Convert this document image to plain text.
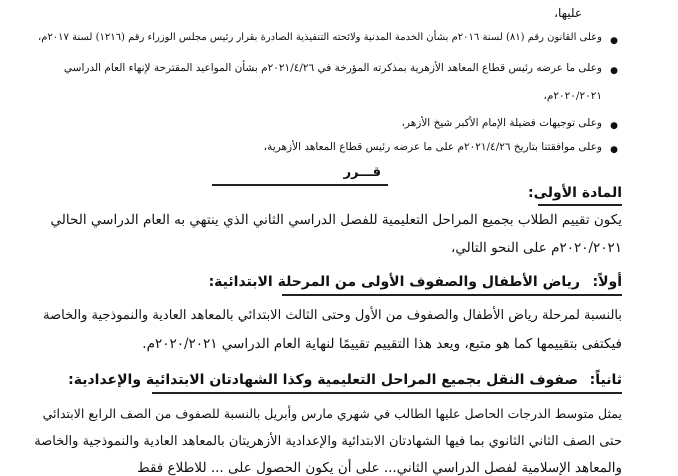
عليها،
●
وعلى القانون رقم (٨١) لسنة ٢٠١٦م بشأن الخدمة المدنية ولائحته التنفيذية الصادرة بقرار رئيس مجلس الوزراء رقم (١٢١٦) لسنة ٢٠١٧م،
●
وعلى ما عرضه رئيس قطاع المعاهد الأزهرية بمذكرته المؤرخة في ٢٠٢١/٤/٢٦م بشأن المواعيد المقترحة لإنهاء العام الدراسي
٢٠٢٠/٢٠٢١م،
●
وعلى توجيهات فضيلة الإمام الأكبر شيخ الأزهر،
●
وعلى موافقتنا بتاريخ ٢٠٢١/٤/٢٦م على ما عرضه رئيس قطاع المعاهد الأزهرية،
قـــرر
المادة الأولى:
يكون تقييم الطلاب بجميع المراحل التعليمية للفصل الدراسي الثاني الذي ينتهي به العام الدراسي الحالي
٢٠٢٠/٢٠٢١م على النحو التالي،
أولاً:
رياض الأطفال والصفوف الأولى من المرحلة الابتدائية:
بالنسبة لمرحلة رياض الأطفال والصفوف من الأول وحتى الثالث الابتدائي بالمعاهد العادية والنموذجية والخاصة
فيكتفى بتقييمها كما هو متبع، ويعد هذا التقييم تقييمًا لنهاية العام الدراسي ٢٠٢٠/٢٠٢١م.
ثانياً:
صفوف النقل بجميع المراحل التعليمية وكذا الشهادتان الابتدائية والإعدادية:
يمثل متوسط الدرجات الحاصل عليها الطالب في شهري مارس وأبريل بالنسبة للصفوف من الصف الرابع الابتدائي
حتى الصف الثاني الثانوي بما فيها الشهادتان الابتدائية والإعدادية الأزهريتان بالمعاهد العادية والنموذجية والخاصة
والمعاهد الإسلامية لفصل الدراسي الثاني... على أن يكون الحصول على ... للاطلاع فقط
